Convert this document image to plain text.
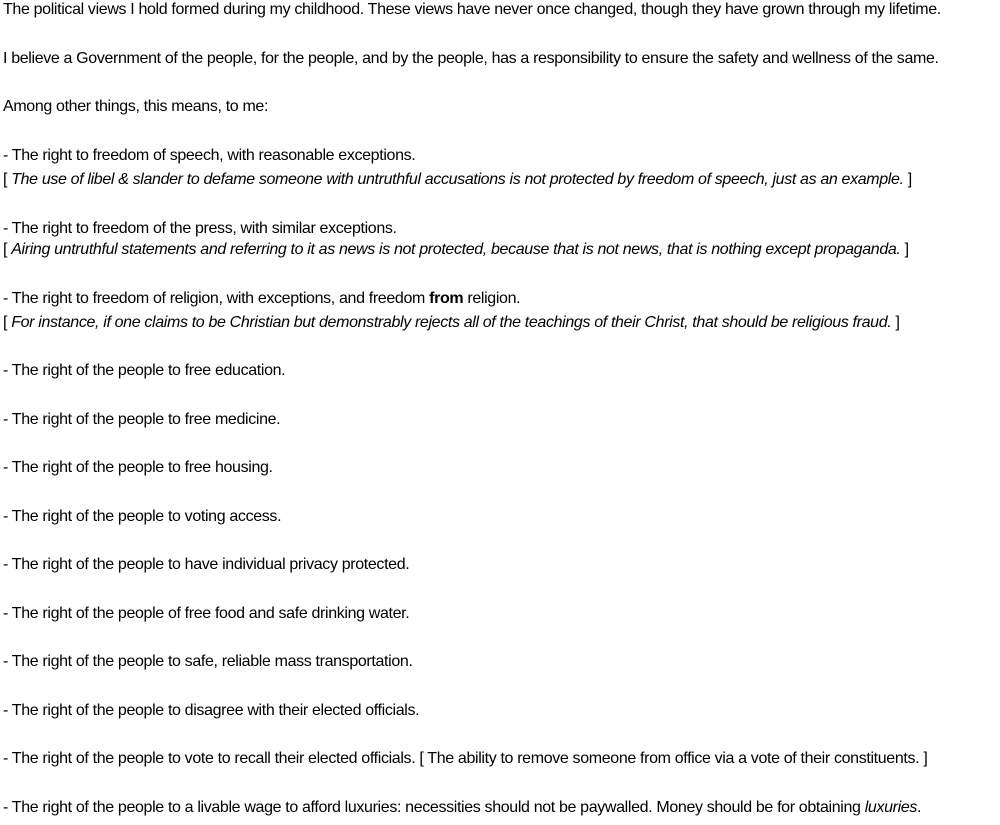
The political views I hold formed during my childhood. These views have never once changed, though they have grown through my lifetime.
I believe a Government of the people, for the people, and by the people, has a responsibility to ensure the safety and wellness of the same.
Among other things, this means, to me:
- The right to freedom of speech, with reasonable exceptions.
[ The use of libel & slander to defame someone with untruthful accusations is not protected by freedom of speech, just as an example. ]
- The right to freedom of the press, with similar exceptions.
[ Airing untruthful statements and referring to it as news is not protected, because that is not news, that is nothing except propaganda. ]
- The right to freedom of religion, with exceptions, and freedom from religion.
[ For instance, if one claims to be Christian but demonstrably rejects all of the teachings of their Christ, that should be religious fraud. ]
- The right of the people to free education.
- The right of the people to free medicine.
- The right of the people to free housing.
- The right of the people to voting access.
- The right of the people to have individual privacy protected.
- The right of the people of free food and safe drinking water.
- The right of the people to safe, reliable mass transportation.
- The right of the people to disagree with their elected officials.
- The right of the people to vote to recall their elected officials. [ The ability to remove someone from office via a vote of their constituents. ]
- The right of the people to a livable wage to afford luxuries: necessities should not be paywalled. Money should be for obtaining luxuries.
